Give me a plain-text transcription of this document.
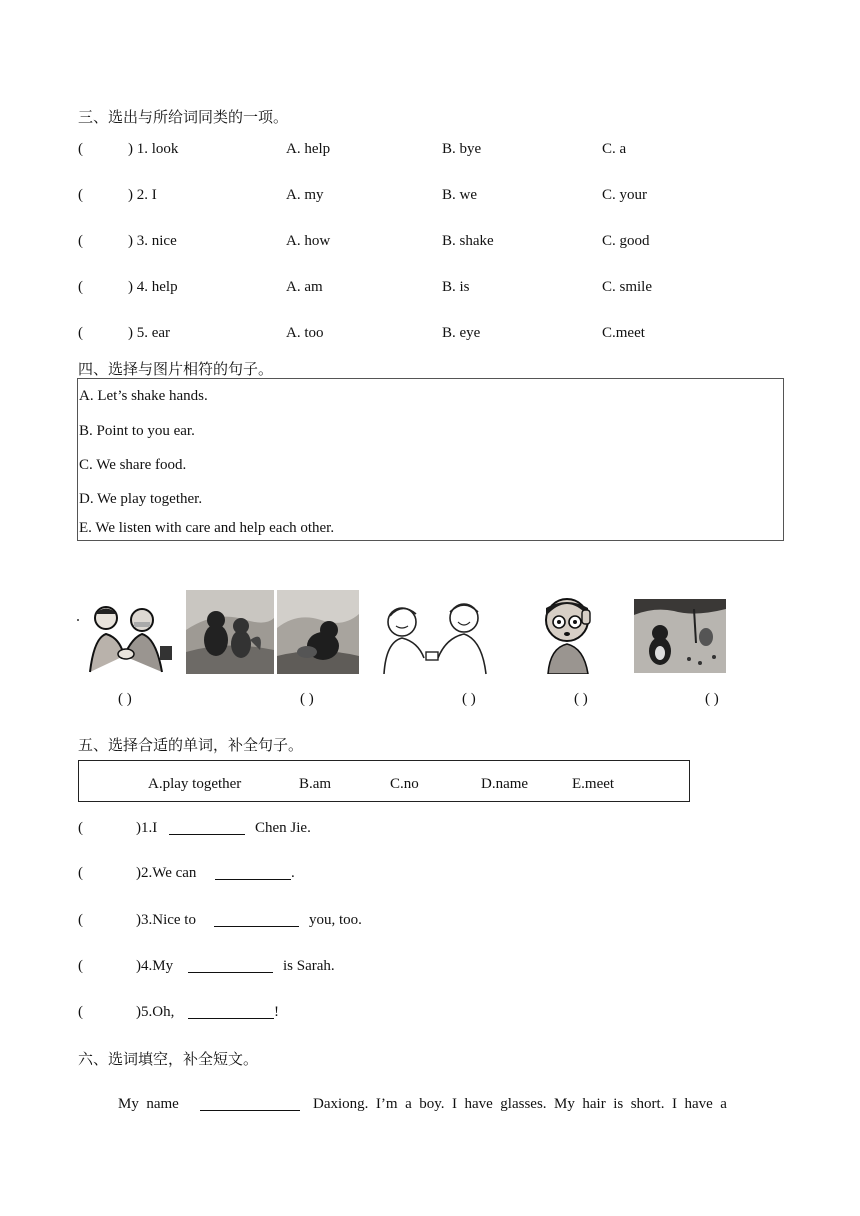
三、选出与所给词同类的一项。
(	) 1. look	A. help	B. bye	C. a
(	) 2. I	A. my	B. we	C. your
(	) 3. nice	A. how	B. shake	C. good
(	) 4. help	A. am	B. is	C. smile
(	) 5. ear	A. too	B. eye	C.meet
四、选择与图片相符的句子。
A. Let’s shake hands.
B. Point to you ear.
C. We share food.
D. We play together.
E. We listen with care and help each other.
( )	( )	( )	( )	( )
五、选择合适的单词，补全句子。
A.play together	B.am	C.no	D.name	E.meet
(	)1.I	Chen Jie.
(	)2.We can	.
(	)3.Nice to	you, too.
(	)4.My	is Sarah.
(	)5.Oh,	!
六、选词填空，补全短文。
My  name	Daxiong.  I’m  a  boy.  I  have  glasses.  My  hair  is  short.  I  have  a
